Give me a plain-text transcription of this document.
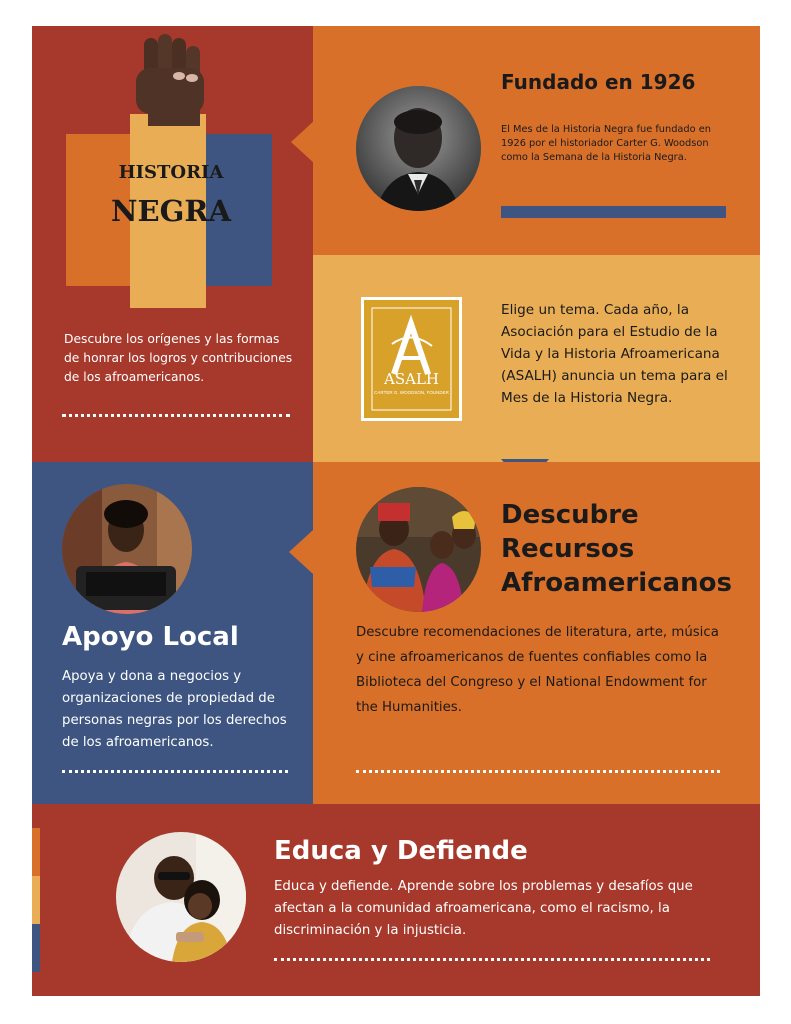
HISTORIA
NEGRA
Descubre los orígenes y las formas de honrar los logros y contribuciones de los afroamericanos.
Fundado en 1926
El Mes de la Historia Negra fue fundado en 1926 por el historiador Carter G. Woodson como la Semana de la Historia Negra.
ASALH
CARTER G. WOODSON, FOUNDER
Elige un tema. Cada año, la Asociación para el Estudio de la Vida y la Historia Afroamericana (ASALH) anuncia un tema para el Mes de la Historia Negra.
Apoyo Local
Apoya y dona a negocios y organizaciones de propiedad de personas negras por los derechos de los afroamericanos.
Descubre
Recursos
Afroamericanos
Descubre recomendaciones de literatura, arte, música y cine afroamericanos de fuentes confiables como la Biblioteca del Congreso y el National Endowment for the Humanities.
Educa y Defiende
Educa y defiende. Aprende sobre los problemas y desafíos que afectan a la comunidad afroamericana, como el racismo, la discriminación y la injusticia.
